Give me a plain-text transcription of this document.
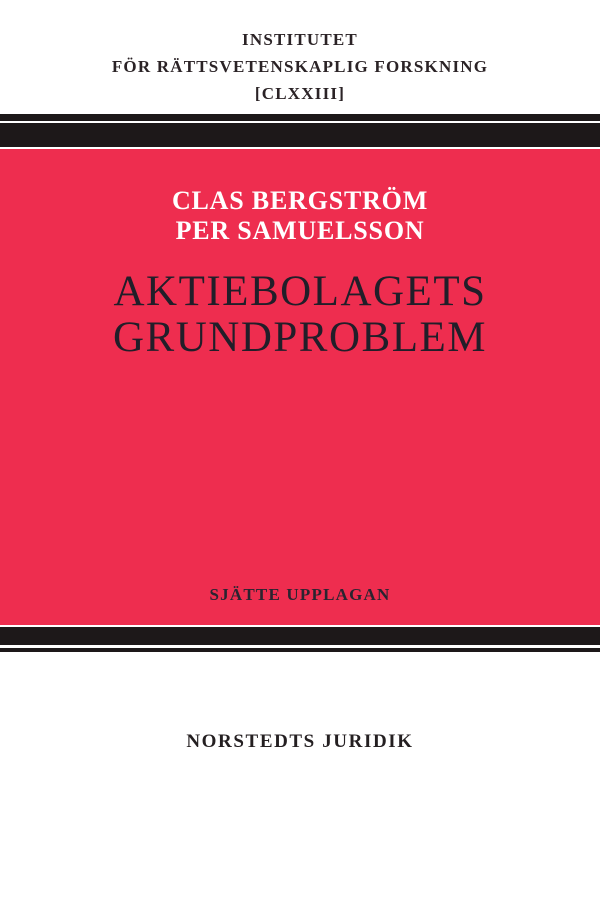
INSTITUTET
FÖR RÄTTSVETENSKAPLIG FORSKNING
[CLXXIII]
CLAS BERGSTRÖM
PER SAMUELSSON
AKTIEBOLAGETS
GRUNDPROBLEM
SJÄTTE UPPLAGAN
NORSTEDTS JURIDIK
